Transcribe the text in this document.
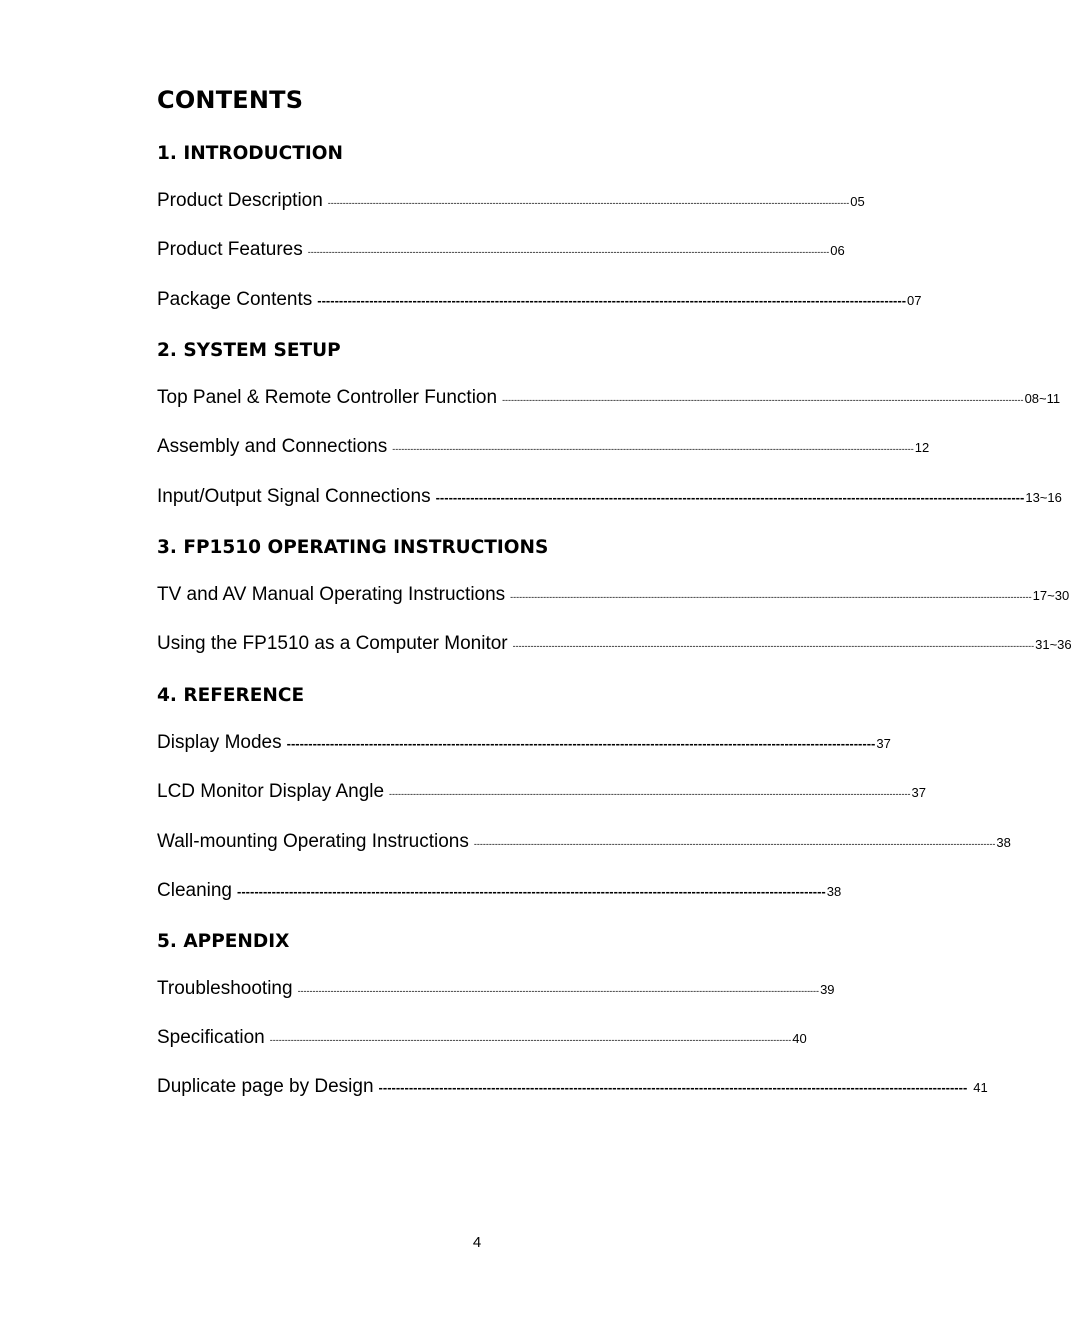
CONTENTS
1. INTRODUCTION
Product Description ------------------------------------------------------------------------------------------------------------------------------------------------------------------------------ 05
Product Features ------------------------------------------------------------------------------------------------------------------------------------------------------------------------------ 06
Package Contents ---------------------------------------------------------------------------------------------------------------------------------------- 07
2. SYSTEM SETUP
Top Panel & Remote Controller Function ------------------------------------------------------------------------------------------------------------------------------------------------------------------------------ 08~11
Assembly and Connections ------------------------------------------------------------------------------------------------------------------------------------------------------------------------------ 12
Input/Output Signal Connections ---------------------------------------------------------------------------------------------------------------------------------------- 13~16
3. FP1510 OPERATING INSTRUCTIONS
TV and AV Manual Operating Instructions ------------------------------------------------------------------------------------------------------------------------------------------------------------------------------ 17~30
Using the FP1510 as a Computer Monitor ------------------------------------------------------------------------------------------------------------------------------------------------------------------------------ 31~36
4. REFERENCE
Display Modes ---------------------------------------------------------------------------------------------------------------------------------------- 37
LCD Monitor Display Angle ------------------------------------------------------------------------------------------------------------------------------------------------------------------------------ 37
Wall-mounting Operating Instructions ------------------------------------------------------------------------------------------------------------------------------------------------------------------------------ 38
Cleaning ---------------------------------------------------------------------------------------------------------------------------------------- 38
5. APPENDIX
Troubleshooting ------------------------------------------------------------------------------------------------------------------------------------------------------------------------------ 39
Specification ------------------------------------------------------------------------------------------------------------------------------------------------------------------------------ 40
Duplicate page by Design ---------------------------------------------------------------------------------------------------------------------------------------- 41
4
